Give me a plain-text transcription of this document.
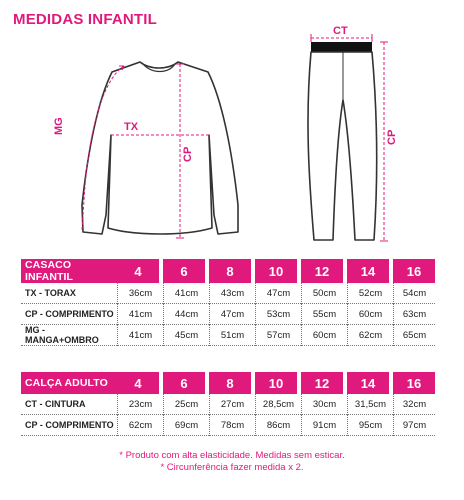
MEDIDAS INFANTIL
MG	TX
CP
CT
CP
CASACO INFANTIL	4		6		8		10		12		14		16
TX - TORAX	36cm		41cm		43cm		47cm		50cm		52cm		54cm
CP - COMPRIMENTO	41cm		44cm		47cm		53cm		55cm		60cm		63cm
MG - MANGA+OMBRO	41cm		45cm		51cm		57cm		60cm		62cm		65cm
CALÇA ADULTO	4		6		8		10		12		14		16
CT - CINTURA	23cm		25cm		27cm		28,5cm		30cm		31,5cm		32cm
CP - COMPRIMENTO	62cm		69cm		78cm		86cm		91cm		95cm		97cm
* Produto com alta elasticidade. Medidas sem esticar.
* Circunferência fazer medida x 2.
